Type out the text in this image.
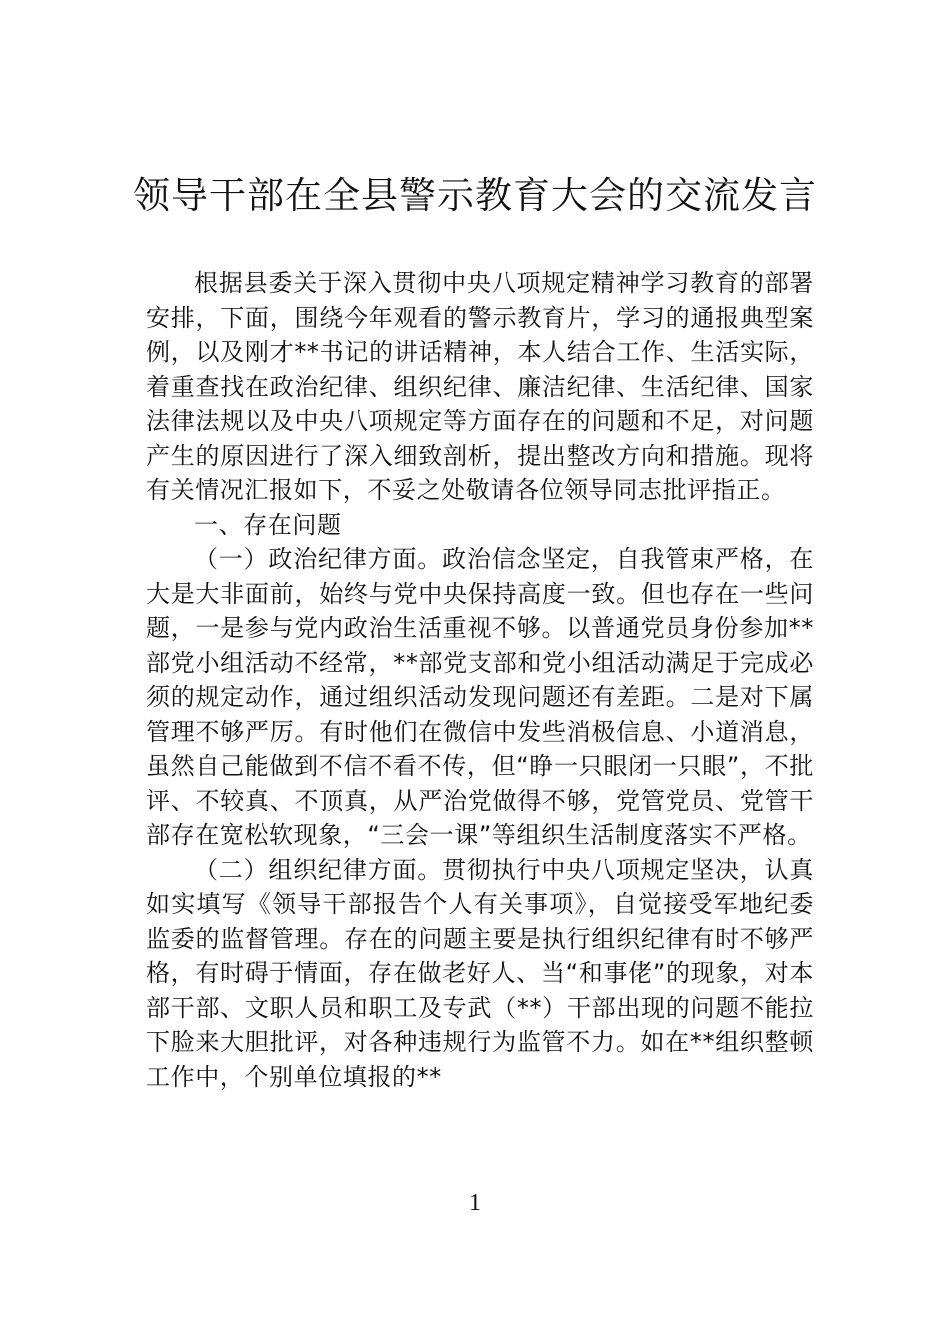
领导干部在全县警示教育大会的交流发言

根据县委关于深入贯彻中央八项规定精神学习教育的部署安排，下面，围绕今年观看的警示教育片，学习的通报典型案例，以及刚才**书记的讲话精神，本人结合工作、生活实际，着重查找在政治纪律、组织纪律、廉洁纪律、生活纪律、国家法律法规以及中央八项规定等方面存在的问题和不足，对问题产生的原因进行了深入细致剖析，提出整改方向和措施。现将有关情况汇报如下，不妥之处敬请各位领导同志批评指正。

一、存在问题

（一）政治纪律方面。政治信念坚定，自我管束严格，在大是大非面前，始终与党中央保持高度一致。但也存在一些问题，一是参与党内政治生活重视不够。以普通党员身份参加**部党小组活动不经常，**部党支部和党小组活动满足于完成必须的规定动作，通过组织活动发现问题还有差距。二是对下属管理不够严厉。有时他们在微信中发些消极信息、小道消息，虽然自己能做到不信不看不传，但“睁一只眼闭一只眼”，不批评、不较真、不顶真，从严治党做得不够，党管党员、党管干部存在宽松软现象，“三会一课”等组织生活制度落实不严格。

（二）组织纪律方面。贯彻执行中央八项规定坚决，认真如实填写《领导干部报告个人有关事项》，自觉接受军地纪委监委的监督管理。存在的问题主要是执行组织纪律有时不够严格，有时碍于情面，存在做老好人、当“和事佬”的现象，对本部干部、文职人员和职工及专武（**）干部出现的问题不能拉下脸来大胆批评，对各种违规行为监管不力。如在**组织整顿工作中，个别单位填报的**

1
